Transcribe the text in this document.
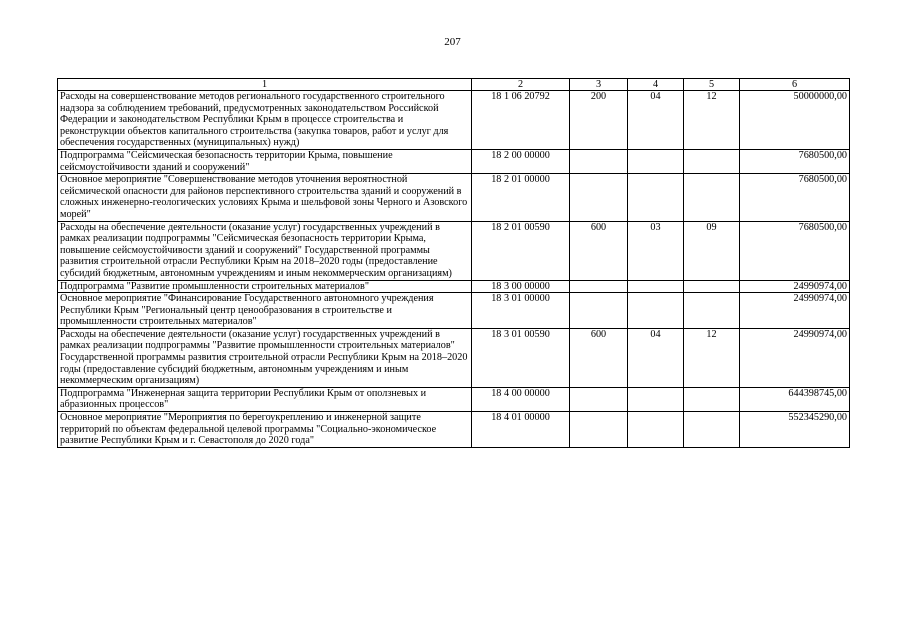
207
1	2	3	4	5	6
Расходы на совершенствование методов регионального государственного строительного надзора за соблюдением требований, предусмотренных законодательством Российской Федерации и законодательством Республики Крым в процессе строительства и реконструкции объектов капитального строительства (закупка товаров, работ и услуг для обеспечения государственных (муниципальных) нужд)	18 1 06 20792	200	04	12	50000000,00
Подпрограмма "Сейсмическая безопасность территории Крыма, повышение сейсмоустойчивости зданий и сооружений"	18 2 00 00000				7680500,00
Основное мероприятие "Совершенствование методов уточнения вероятностной сейсмической опасности для районов перспективного строительства зданий и сооружений в сложных инженерно-геологических условиях Крыма и шельфовой зоны Черного и Азовского морей"	18 2 01 00000				7680500,00
Расходы на обеспечение деятельности (оказание услуг) государственных учреждений в рамках реализации подпрограммы "Сейсмическая безопасность территории Крыма, повышение сейсмоустойчивости зданий и сооружений" Государственной программы развития строительной отрасли Республики Крым на 2018–2020 годы (предоставление субсидий бюджетным, автономным учреждениям и иным некоммерческим организациям)	18 2 01 00590	600	03	09	7680500,00
Подпрограмма "Развитие промышленности строительных материалов"	18 3 00 00000				24990974,00
Основное мероприятие "Финансирование Государственного автономного учреждения Республики Крым "Региональный центр ценообразования в строительстве и промышленности строительных материалов"	18 3 01 00000				24990974,00
Расходы на обеспечение деятельности (оказание услуг) государственных учреждений в рамках реализации подпрограммы "Развитие промышленности строительных материалов" Государственной программы развития строительной отрасли Республики Крым на 2018–2020 годы (предоставление субсидий бюджетным, автономным учреждениям и иным некоммерческим организациям)	18 3 01 00590	600	04	12	24990974,00
Подпрограмма "Инженерная защита территории Республики Крым от оползневых и абразионных процессов"	18 4 00 00000				644398745,00
Основное мероприятие "Мероприятия по берегоукреплению и инженерной защите территорий по объектам федеральной целевой программы "Социально-экономическое развитие Республики Крым и г. Севастополя до 2020 года"	18 4 01 00000				552345290,00
